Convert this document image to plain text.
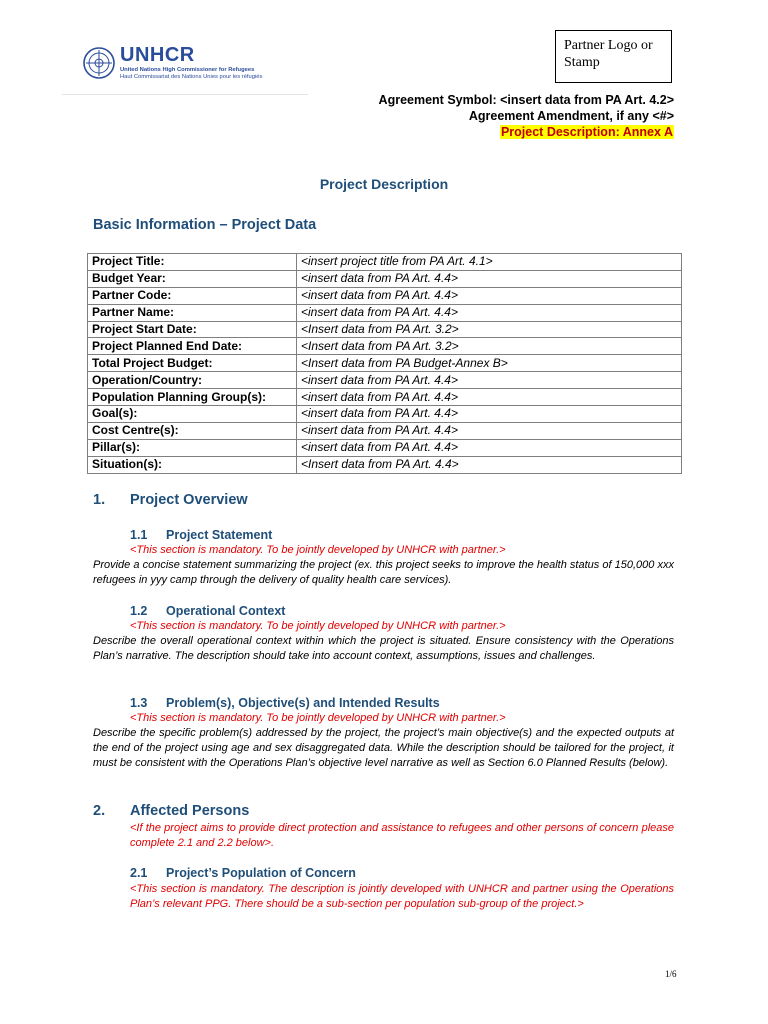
UNHCR
United Nations High Commissioner for Refugees
Haut Commissariat des Nations Unies pour les réfugiés
Partner Logo or Stamp
Agreement Symbol: <insert data from PA Art. 4.2>
Agreement Amendment, if any <#>
Project Description: Annex A
Project Description
Basic Information – Project Data
Project Title:	<insert project title from PA Art. 4.1>
Budget Year:	<insert data from PA Art. 4.4>
Partner Code:	<insert data from PA Art. 4.4>
Partner Name:	<insert data from PA Art. 4.4>
Project Start Date:	<Insert data from PA Art. 3.2>
Project Planned End Date:	<Insert data from PA Art. 3.2>
Total Project Budget:	<Insert data from PA Budget-Annex B>
Operation/Country:	<insert data from PA Art. 4.4>
Population Planning Group(s):	<insert data from PA Art. 4.4>
Goal(s):	<insert data from PA Art. 4.4>
Cost Centre(s):	<insert data from PA Art. 4.4>
Pillar(s):	<insert data from PA Art. 4.4>
Situation(s):	<Insert data from PA Art. 4.4>
1. Project Overview
1.1 Project Statement
<This section is mandatory. To be jointly developed by UNHCR with partner.>
Provide a concise statement summarizing the project (ex. this project seeks to improve the health status of 150,000 xxx refugees in yyy camp through the delivery of quality health care services).
1.2 Operational Context
<This section is mandatory. To be jointly developed by UNHCR with partner.>
Describe the overall operational context within which the project is situated. Ensure consistency with the Operations Plan’s narrative. The description should take into account context, assumptions, issues and challenges.
1.3 Problem(s), Objective(s) and Intended Results
<This section is mandatory. To be jointly developed by UNHCR with partner.>
Describe the specific problem(s) addressed by the project, the project’s main objective(s) and the expected outputs at the end of the project using age and sex disaggregated data. While the description should be tailored for the project, it must be consistent with the Operations Plan’s objective level narrative as well as Section 6.0 Planned Results (below).
2. Affected Persons
<If the project aims to provide direct protection and assistance to refugees and other persons of concern please complete 2.1 and 2.2 below>.
2.1 Project’s Population of Concern
<This section is mandatory. The description is jointly developed with UNHCR and partner using the Operations Plan’s relevant PPG. There should be a sub-section per population sub-group of the project.>
1/6
